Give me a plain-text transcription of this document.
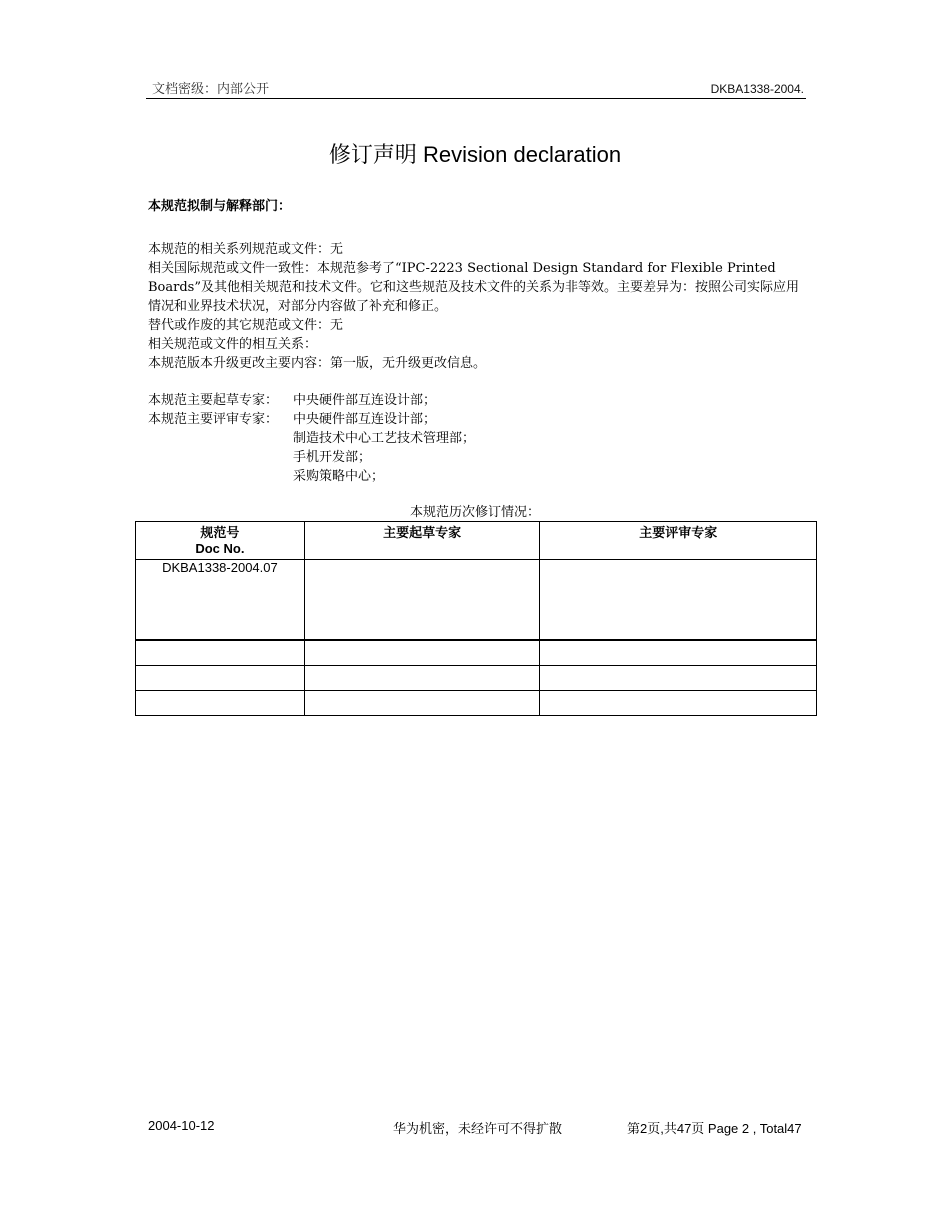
文档密级：内部公开	DKBA1338-2004.
修订声明 Revision declaration
本规范拟制与解释部门：

本规范的相关系列规范或文件：无

相关国际规范或文件一致性：本规范参考了“IPC-2223 Sectional Design Standard for Flexible Printed Boards”及其他相关规范和技术文件。它和这些规范及技术文件的关系为非等效。主要差异为：按照公司实际应用情况和业界技术状况，对部分内容做了补充和修正。

替代或作废的其它规范或文件：无

相关规范或文件的相互关系：

本规范版本升级更改主要内容：第一版，无升级更改信息。

本规范主要起草专家：	中央硬件部互连设计部；
本规范主要评审专家：	中央硬件部互连设计部；
制造技术中心工艺技术管理部；
手机开发部；
采购策略中心；
本规范历次修订情况：
规范号
Doc No.	主要起草专家	主要评审专家
DKBA1338-2004.07		

2004-10-12	华为机密，未经许可不得扩散	第2页,共47页 Page 2 , Total47
